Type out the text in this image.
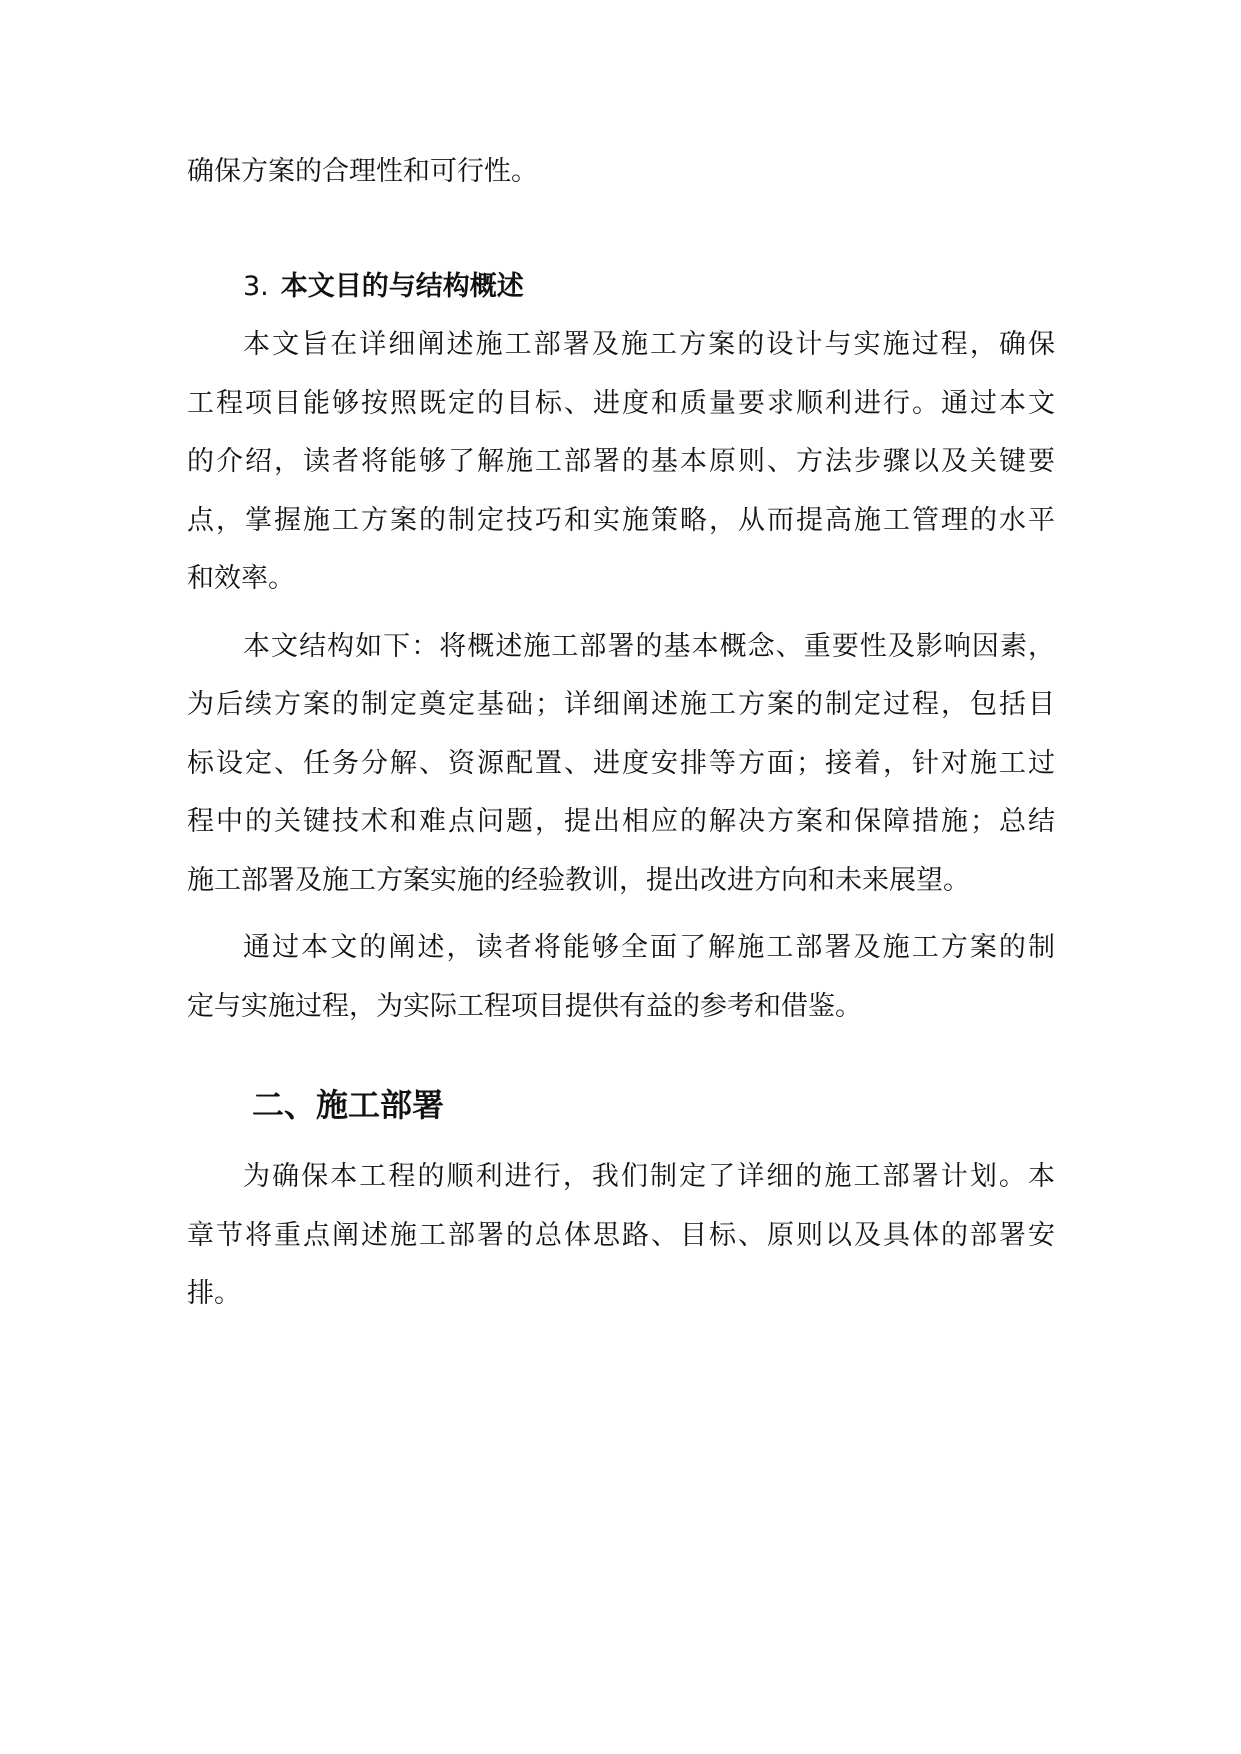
确保方案的合理性和可行性。
3. 本文目的与结构概述
本文旨在详细阐述施工部署及施工方案的设计与实施过程，确保
工程项目能够按照既定的目标、进度和质量要求顺利进行。通过本文
的介绍，读者将能够了解施工部署的基本原则、方法步骤以及关键要
点，掌握施工方案的制定技巧和实施策略，从而提高施工管理的水平
和效率。
本文结构如下：将概述施工部署的基本概念、重要性及影响因素，
为后续方案的制定奠定基础；详细阐述施工方案的制定过程，包括目
标设定、任务分解、资源配置、进度安排等方面；接着，针对施工过
程中的关键技术和难点问题，提出相应的解决方案和保障措施；总结
施工部署及施工方案实施的经验教训，提出改进方向和未来展望。
通过本文的阐述，读者将能够全面了解施工部署及施工方案的制
定与实施过程，为实际工程项目提供有益的参考和借鉴。
二、施工部署
为确保本工程的顺利进行，我们制定了详细的施工部署计划。本
章节将重点阐述施工部署的总体思路、目标、原则以及具体的部署安
排。
